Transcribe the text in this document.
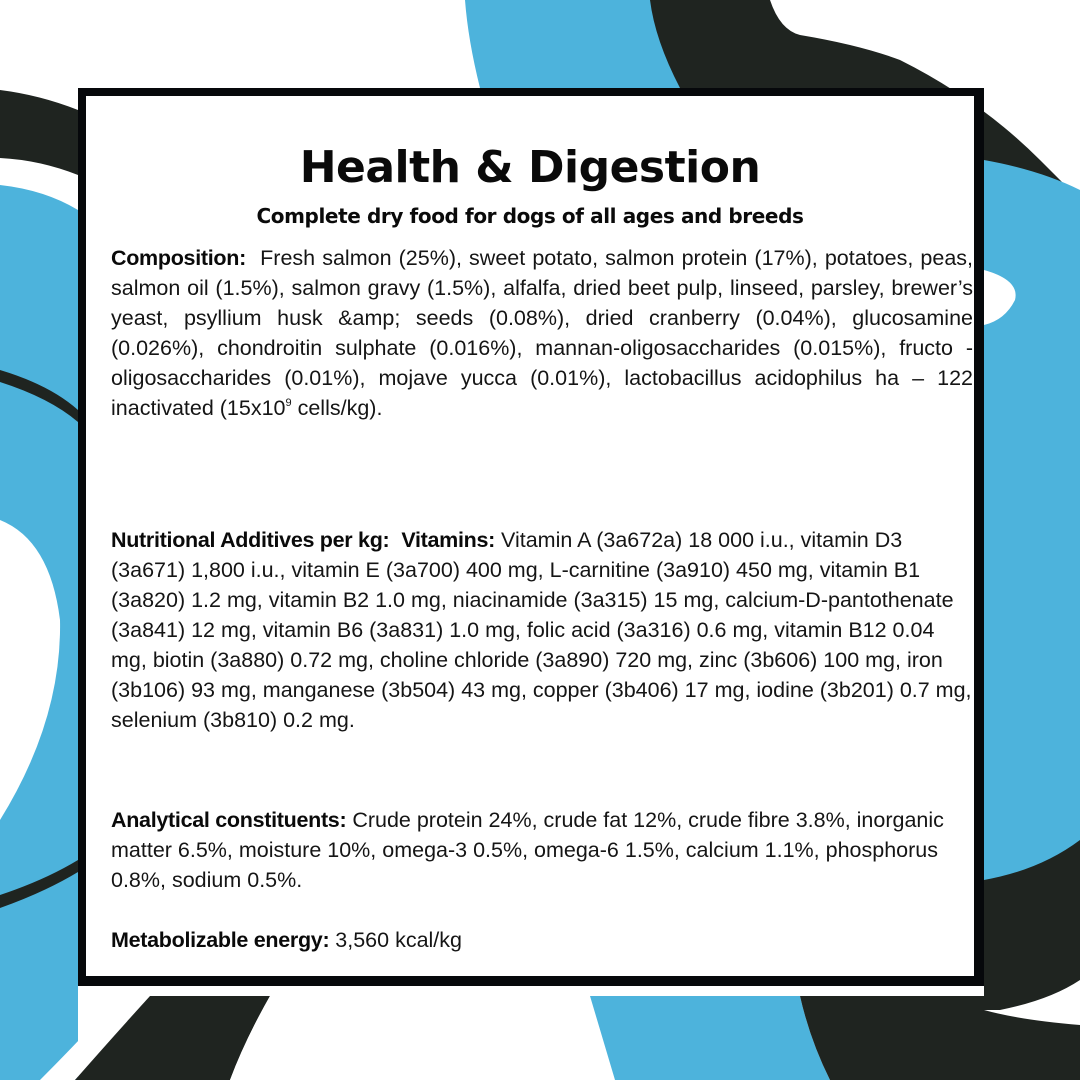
Health & Digestion
Complete dry food for dogs of all ages and breeds
Composition: Fresh salmon (25%), sweet potato, salmon protein (17%), potatoes, peas, salmon oil (1.5%), salmon gravy (1.5%), alfalfa, dried beet pulp, linseed, parsley, brewer’s yeast, psyllium husk &amp; seeds (0.08%), dried cranberry (0.04%), glucosamine (0.026%), chondroitin sulphate (0.016%), mannan-oligosaccharides (0.015%), fructo -oligosaccharides (0.01%), mojave yucca (0.01%), lactobacillus acidophilus ha – 122 inactivated ($15x10^9$ cells/kg).
Nutritional Additives per kg: Vitamins: Vitamin A (3a672a) 18 000 i.u., vitamin D3 (3a671) 1,800 i.u., vitamin E (3a700) 400 mg, L-carnitine (3a910) 450 mg, vitamin B1 (3a820) 1.2 mg, vitamin B2 1.0 mg, niacinamide (3a315) 15 mg, calcium-D-pantothenate (3a841) 12 mg, vitamin B6 (3a831) 1.0 mg, folic acid (3a316) 0.6 mg, vitamin B12 0.04 mg, biotin (3a880) 0.72 mg, choline chloride (3a890) 720 mg, zinc (3b606) 100 mg, iron (3b106) 93 mg, manganese (3b504) 43 mg, copper (3b406) 17 mg, iodine (3b201) 0.7 mg, selenium (3b810) 0.2 mg.
Analytical constituents: Crude protein 24%, crude fat 12%, crude fibre 3.8%, inorganic matter 6.5%, moisture 10%, omega-3 0.5%, omega-6 1.5%, calcium 1.1%, phosphorus 0.8%, sodium 0.5%.
Metabolizable energy: 3,560 kcal/kg
